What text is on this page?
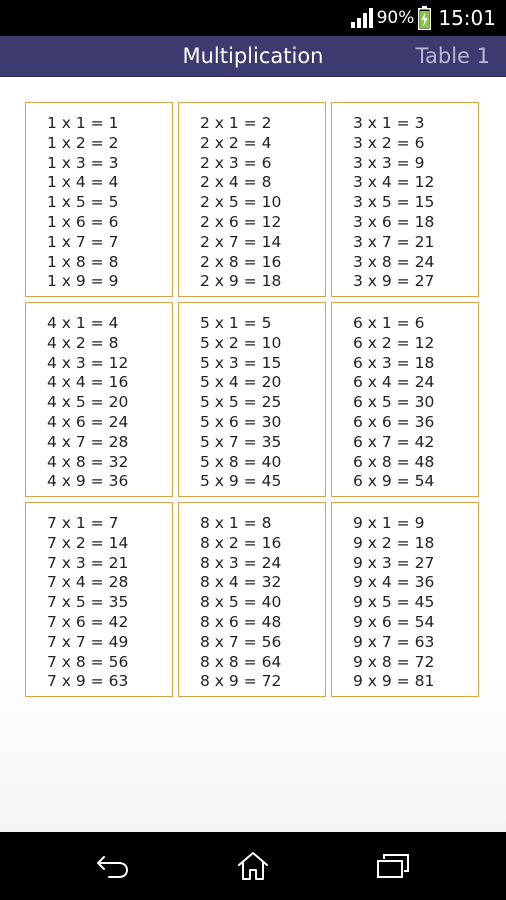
90% 15:01
Multiplication	Table 1
1 x 1 = 1
1 x 2 = 2
1 x 3 = 3
1 x 4 = 4
1 x 5 = 5
1 x 6 = 6
1 x 7 = 7
1 x 8 = 8
1 x 9 = 9
2 x 1 = 2
2 x 2 = 4
2 x 3 = 6
2 x 4 = 8
2 x 5 = 10
2 x 6 = 12
2 x 7 = 14
2 x 8 = 16
2 x 9 = 18
3 x 1 = 3
3 x 2 = 6
3 x 3 = 9
3 x 4 = 12
3 x 5 = 15
3 x 6 = 18
3 x 7 = 21
3 x 8 = 24
3 x 9 = 27
4 x 1 = 4
4 x 2 = 8
4 x 3 = 12
4 x 4 = 16
4 x 5 = 20
4 x 6 = 24
4 x 7 = 28
4 x 8 = 32
4 x 9 = 36
5 x 1 = 5
5 x 2 = 10
5 x 3 = 15
5 x 4 = 20
5 x 5 = 25
5 x 6 = 30
5 x 7 = 35
5 x 8 = 40
5 x 9 = 45
6 x 1 = 6
6 x 2 = 12
6 x 3 = 18
6 x 4 = 24
6 x 5 = 30
6 x 6 = 36
6 x 7 = 42
6 x 8 = 48
6 x 9 = 54
7 x 1 = 7
7 x 2 = 14
7 x 3 = 21
7 x 4 = 28
7 x 5 = 35
7 x 6 = 42
7 x 7 = 49
7 x 8 = 56
7 x 9 = 63
8 x 1 = 8
8 x 2 = 16
8 x 3 = 24
8 x 4 = 32
8 x 5 = 40
8 x 6 = 48
8 x 7 = 56
8 x 8 = 64
8 x 9 = 72
9 x 1 = 9
9 x 2 = 18
9 x 3 = 27
9 x 4 = 36
9 x 5 = 45
9 x 6 = 54
9 x 7 = 63
9 x 8 = 72
9 x 9 = 81
